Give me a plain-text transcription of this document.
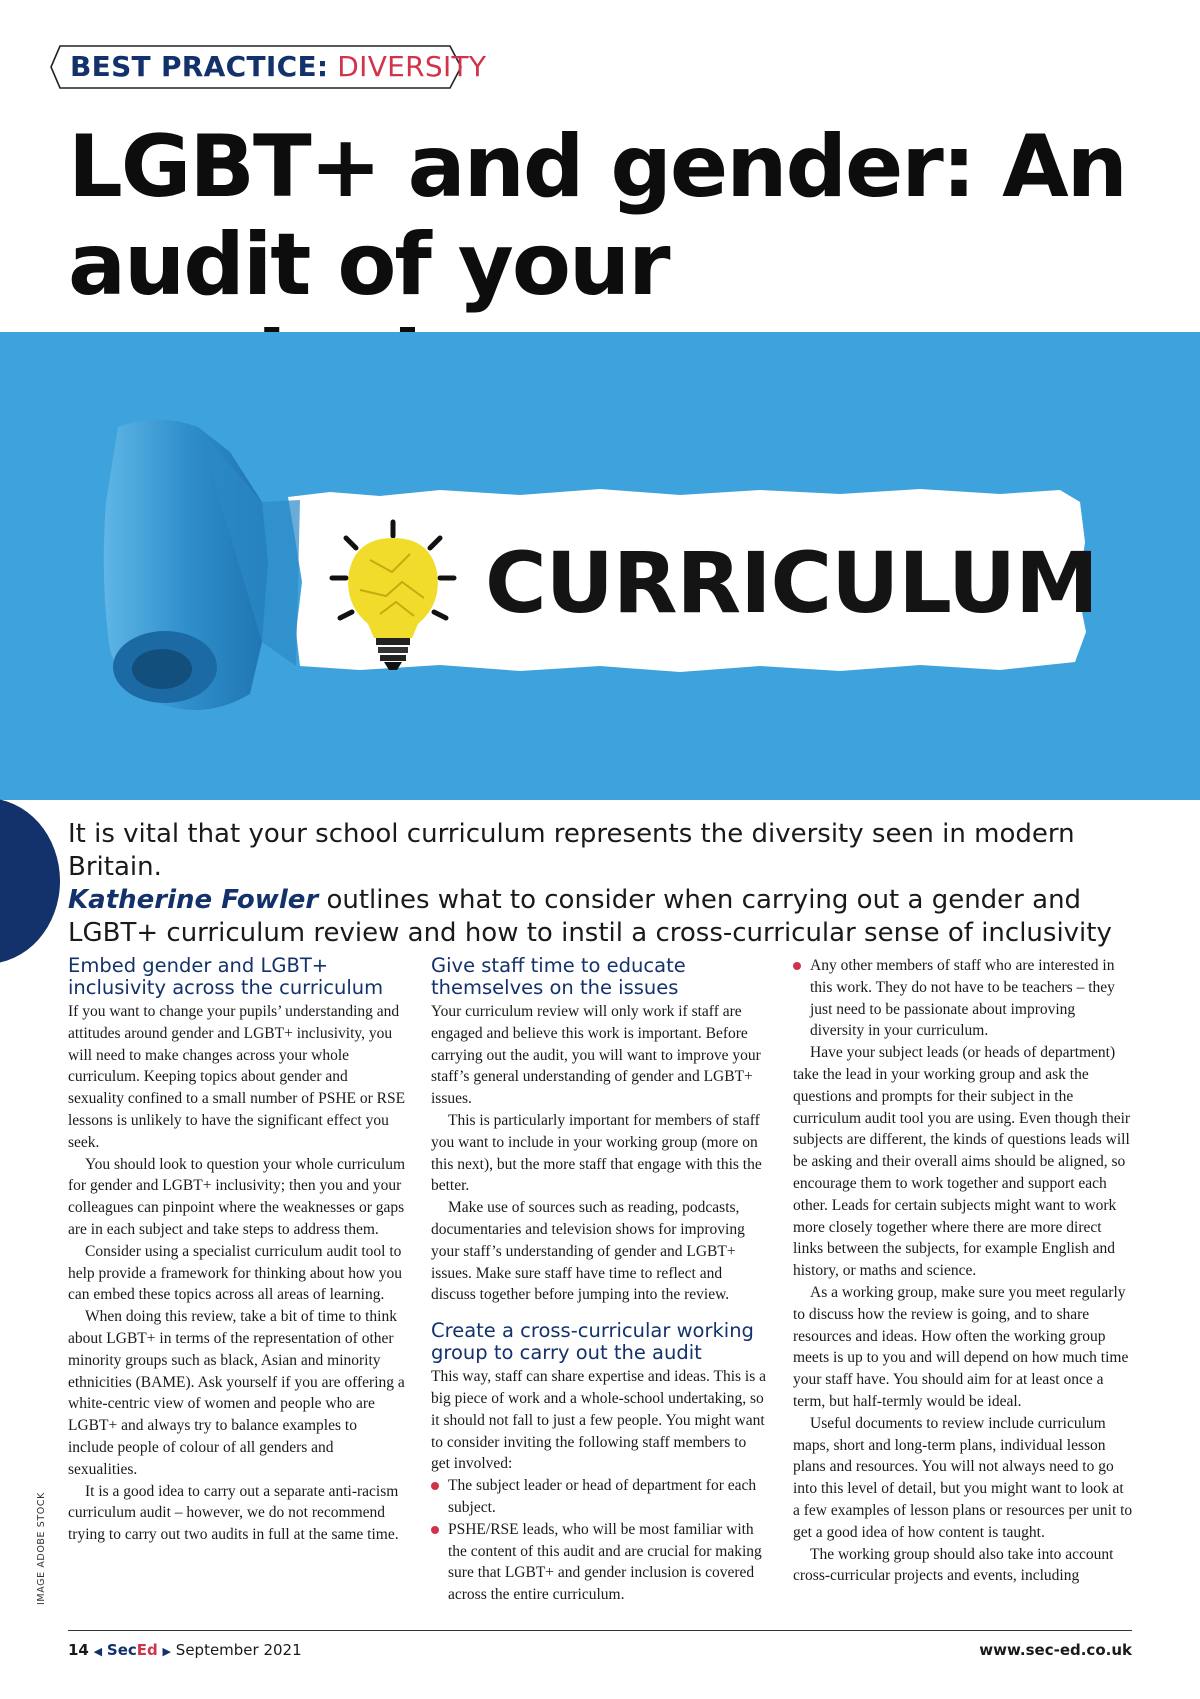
BEST PRACTICE: DIVERSITY
LGBT+ and gender: An audit of your
CURRICULUM

It is vital that your school curriculum represents the diversity seen in modern Britain.
Katherine Fowler outlines what to consider when carrying out a gender and LGBT+ curriculum review and how to instil a cross-curricular sense of inclusivity

Embed gender and LGBT+ inclusivity across the curriculum

If you want to change your pupils’ understanding and attitudes around gender and LGBT+ inclusivity, you will need to make changes across your whole curriculum. Keeping topics about gender and sexuality confined to a small number of PSHE or RSE lessons is unlikely to have the significant effect you seek.

You should look to question your whole curriculum for gender and LGBT+ inclusivity; then you and your colleagues can pinpoint where the weaknesses or gaps are in each subject and take steps to address them.

Consider using a specialist curriculum audit tool to help provide a framework for thinking about how you can embed these topics across all areas of learning.

When doing this review, take a bit of time to think about LGBT+ in terms of the representation of other minority groups such as black, Asian and minority ethnicities (BAME). Ask yourself if you are offering a white-centric view of women and people who are LGBT+ and always try to balance examples to include people of colour of all genders and sexualities.

It is a good idea to carry out a separate anti-racism curriculum audit – however, we do not recommend trying to carry out two audits in full at the same time.

Give staff time to educate themselves on the issues

Your curriculum review will only work if staff are engaged and believe this work is important. Before carrying out the audit, you will want to improve your staff’s general understanding of gender and LGBT+ issues.

This is particularly important for members of staff you want to include in your working group (more on this next), but the more staff that engage with this the better.

Make use of sources such as reading, podcasts, documentaries and television shows for improving your staff’s understanding of gender and LGBT+ issues. Make sure staff have time to reflect and discuss together before jumping into the review.

Create a cross-curricular working group to carry out the audit

This way, staff can share expertise and ideas. This is a big piece of work and a whole-school undertaking, so it should not fall to just a few people. You might want to consider inviting the following staff members to get involved:

The subject leader or head of department for each subject.
PSHE/RSE leads, who will be most familiar with the content of this audit and are crucial for making sure that LGBT+ and gender inclusion is covered across the entire curriculum.
Any other members of staff who are interested in this work. They do not have to be teachers – they just need to be passionate about improving diversity in your curriculum.

Have your subject leads (or heads of department) take the lead in your working group and ask the questions and prompts for their subject in the curriculum audit tool you are using. Even though their subjects are different, the kinds of questions leads will be asking and their overall aims should be aligned, so encourage them to work together and support each other. Leads for certain subjects might want to work more closely together where there are more direct links between the subjects, for example English and history, or maths and science.

As a working group, make sure you meet regularly to discuss how the review is going, and to share resources and ideas. How often the working group meets is up to you and will depend on how much time your staff have. You should aim for at least once a term, but half-termly would be ideal.

Useful documents to review include curriculum maps, short and long-term plans, individual lesson plans and resources. You will not always need to go into this level of detail, but you might want to look at a few examples of lesson plans or resources per unit to get a good idea of how content is taught.

The working group should also take into account cross-curricular projects and events, including

IMAGE ADOBE STOCK
14 ◀ SecEd ▶ September 2021	www.sec-ed.co.uk
